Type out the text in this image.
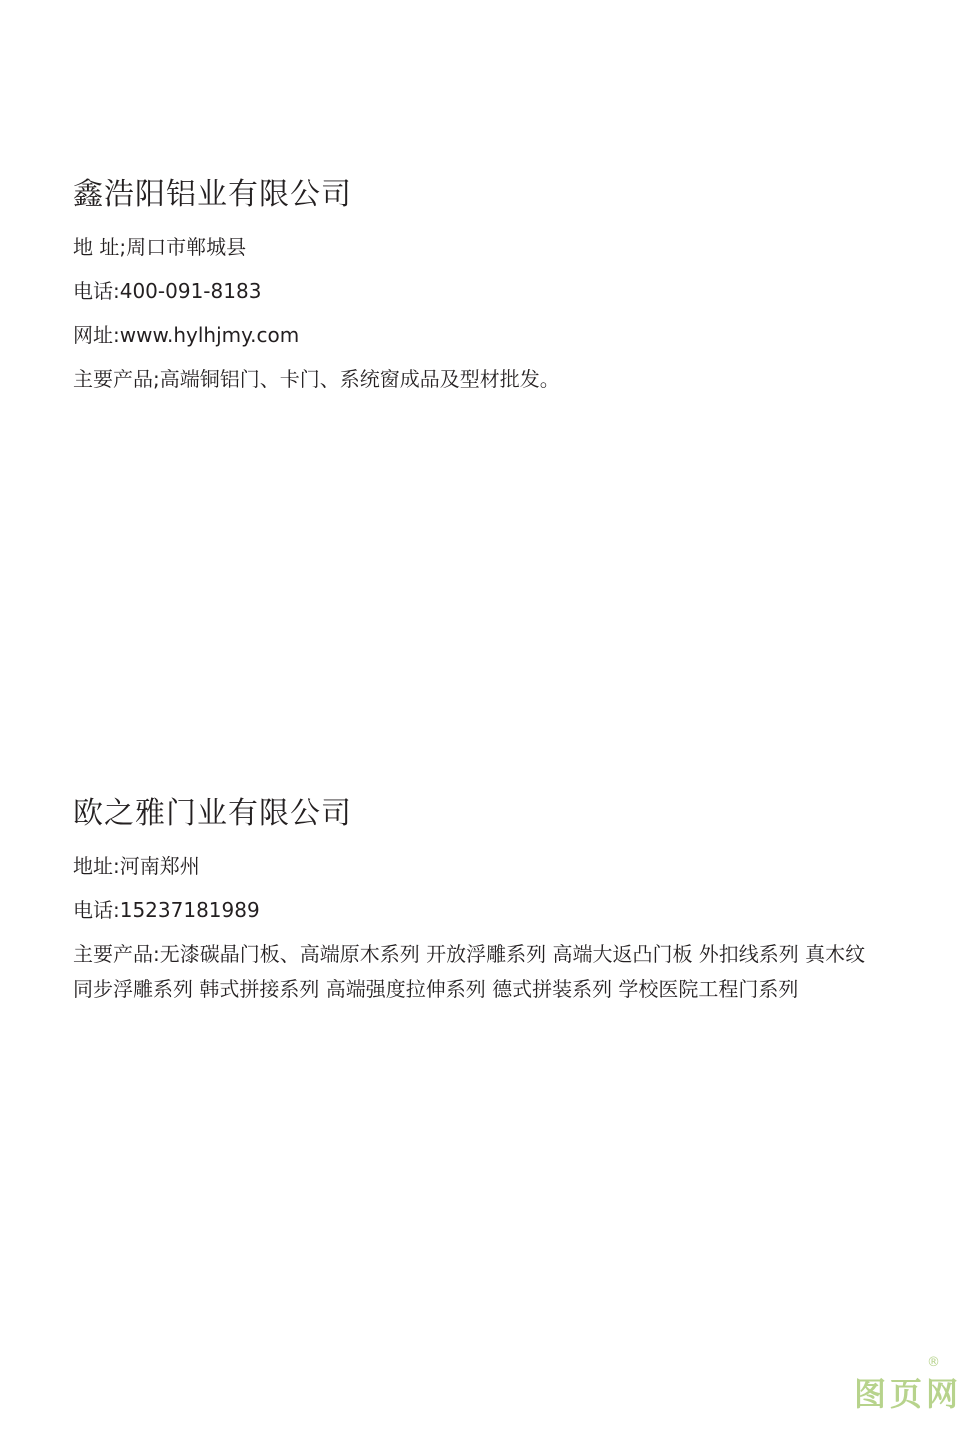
鑫浩阳铝业有限公司

地 址;周口市郸城县

电话:400-091-8183

网址:www.hylhjmy.com

主要产品;高端铜铝门、卡门、系统窗成品及型材批发。

欧之雅门业有限公司

地址:河南郑州

电话:15237181989

主要产品:无漆碳晶门板、高端原木系列 开放浮雕系列 高端大返凸门板 外扣线系列 真木纹同步浮雕系列 韩式拼接系列 高端强度拉伸系列 德式拼装系列 学校医院工程门系列

图页网
®
